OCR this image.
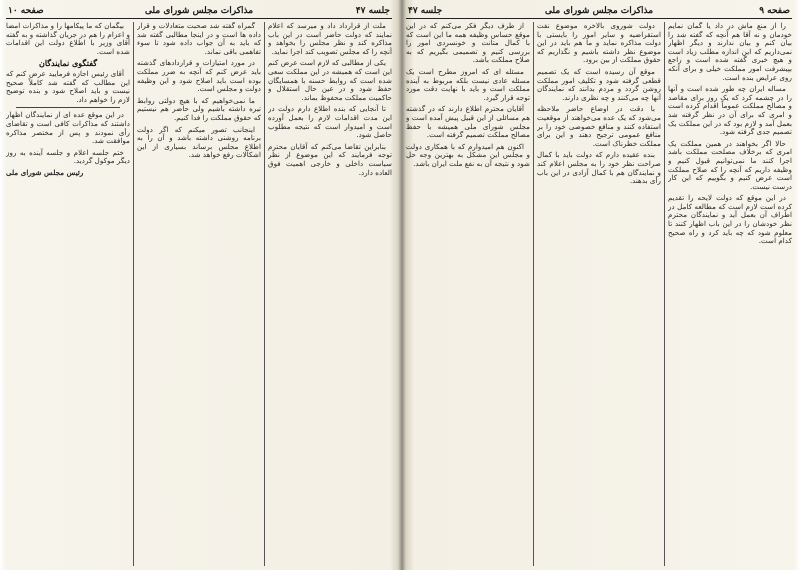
صفحه ۹
مذاکرات مجلس شورای ملی
جلسه ۴۷

را از منع ماش در داد یا گمان نمایم خودمان و نه آقا هم آنچه که گفته شد را بیان کنم و بیان ندارند و دیگر اظهار نمی‌داریم که این اندازه مطلب زیاد است و هیچ خبری گفته شده است و راجع بپیشرفت امور مملکت خیلی و برای آنکه روی عرایض بنده است.

مساله ایران چه طور شده است و آنها را در چشمه کرد که یک روز برای مقاصد و مصالح مملکت عموماً اقدام کرده است و امری که برای آن در نظر گرفته شد بعمل آمد و لازم بود که در این مملکت یک تصمیم جدی گرفته شود.

حالا اگر بخواهند در همین مملکت یک امری که برخلاف مصلحت مملکت باشد اجرا کنند ما نمی‌توانیم قبول کنیم و وظیفه داریم که آنچه را که صلاح مملکت است عرض کنیم و بگوییم که این کار درست نیست.

در این موقع که دولت لایحه را تقدیم کرده است لازم است که مطالعه کامل در اطراف آن بعمل آید و نمایندگان محترم نظر خودشان را در این باب اظهار کنند تا معلوم شود که چه باید کرد و راه صحیح کدام است.

دولت شوروی بالاخره موضوع نفت استقراضیه و سایر امور را بایستی با دولت مذاکره نماید و ما هم باید در این موضوع نظر داشته باشیم و نگذاریم که حقوق مملکت از بین برود.

موقع آن رسیده است که یک تصمیم قطعی گرفته شود و تکلیف امور مملکت روشن گردد و مردم بدانند که نمایندگان آنها چه می‌کنند و چه نظری دارند.

با دقت در اوضاع حاضر ملاحظه می‌شود که یک عده می‌خواهند از موقعیت استفاده کنند و منافع خصوصی خود را بر منافع عمومی ترجیح دهند و این برای مملکت خطرناک است.

بنده عقیده دارم که دولت باید با کمال صراحت نظر خود را به مجلس اعلام کند و نمایندگان هم با کمال آزادی در این باب رأی بدهند.

از طرف دیگر فکر می‌کنم که در این موقع حساس وظیفه همه ما این است که با کمال متانت و خونسردی امور را بررسی کنیم و تصمیمی بگیریم که به صلاح مملکت باشد.

مسئله ای که امروز مطرح است یک مسئله عادی نیست بلکه مربوط به آینده مملکت است و باید با نهایت دقت مورد توجه قرار گیرد.

آقایان محترم اطلاع دارند که در گذشته هم مسائلی از این قبیل پیش آمده است و مجلس شورای ملی همیشه با حفظ مصالح مملکت تصمیم گرفته است.

اکنون هم امیدوارم که با همکاری دولت و مجلس این مشکل به بهترین وجه حل شود و نتیجه آن به نفع ملت ایران باشد.

جلسه ۴۷
مذاکرات مجلس شورای ملی
صفحه ۱۰

ملت از قرارداد داد و میرسد که اعلام نمایند که دولت حاضر است در این باب مذاکره کند و نظر مجلس را بخواهد و آنچه را که مجلس تصویب کند اجرا نماید.

یکی از مطالبی که لازم است عرض کنم این است که همیشه در این مملکت سعی شده است که روابط حسنه با همسایگان حفظ شود و در عین حال استقلال و حاکمیت مملکت محفوظ بماند.

تا آنجایی که بنده اطلاع دارم دولت در این مدت اقدامات لازم را بعمل آورده است و امیدوار است که نتیجه مطلوب حاصل شود.

بنابراین تقاضا می‌کنم که آقایان محترم توجه فرمایند که این موضوع از نظر سیاست داخلی و خارجی اهمیت فوق العاده دارد.

گمراه گفته شد صحبت متعادلات و قرار داده ها است و در اینجا مطالبی گفته شد که باید به آن جواب داده شود تا سوء تفاهمی باقی نماند.

در مورد امتیازات و قراردادهای گذشته باید عرض کنم که آنچه به ضرر مملکت بوده است باید اصلاح شود و این وظیفه دولت و مجلس است.

ما نمی‌خواهیم که با هیچ دولتی روابط تیره داشته باشیم ولی حاضر هم نیستیم که حقوق مملکت را فدا کنیم.

اینجانب تصور میکنم که اگر دولت برنامه روشنی داشته باشد و آن را به اطلاع مجلس برساند بسیاری از این اشکالات رفع خواهد شد.

بیگمان که ما پیکامها را و مذاکرات امضا و اعزام را هم در جریان گذاشته و به گفته آقای وزیر با اطلاع دولت این اقدامات شده است.

گفتگوی نمایندگان

آقای رئیس اجازه فرمایید عرض کنم که این مطالب که گفته شد کاملاً صحیح نیست و باید اصلاح شود و بنده توضیح لازم را خواهم داد.

در این موقع عده ای از نمایندگان اظهار داشتند که مذاکرات کافی است و تقاضای رأی نمودند و پس از مختصر مذاکره موافقت شد.

ختم جلسه اعلام و جلسه آینده به روز دیگر موکول گردید.

رئیس مجلس شورای ملی
